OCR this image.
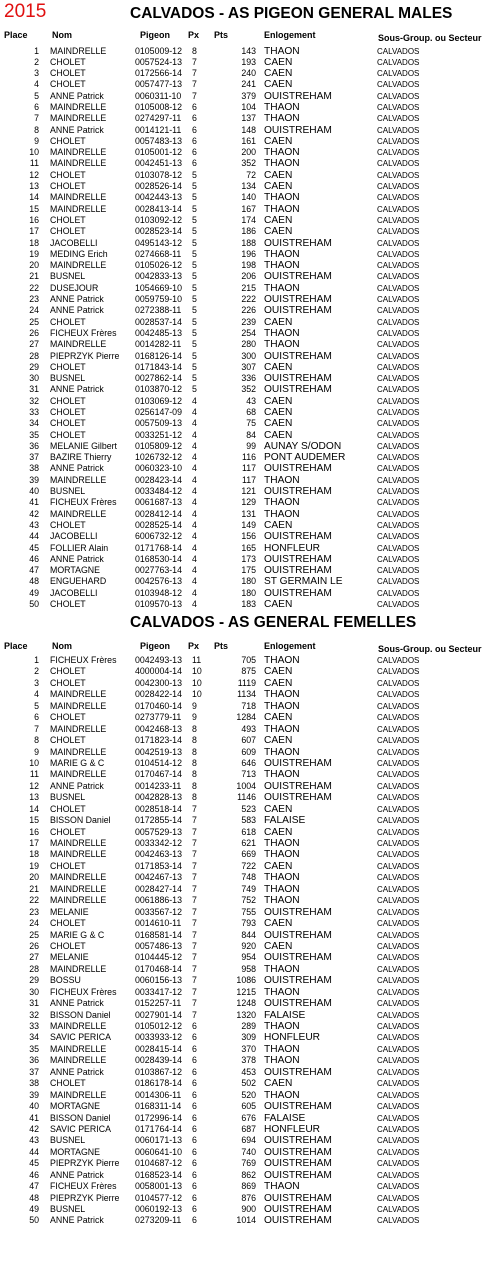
2015	CALVADOS - AS PIGEON GENERAL MALES
Place	Nom	Pigeon Px Pts	Enlogement	Sous-Group. ou Secteur
1 MAINDRELLE	0105009-12 8	143 THAON	CALVADOS
2 CHOLET	0057524-13 7	193 CAEN	CALVADOS
3 CHOLET	0172566-14 7	240 CAEN	CALVADOS
4 CHOLET	0057477-13 7	241 CAEN	CALVADOS
5 ANNE Patrick	0060311-10 7	379 OUISTREHAM	CALVADOS
6 MAINDRELLE	0105008-12 6	104 THAON	CALVADOS
7 MAINDRELLE	0274297-11 6	137 THAON	CALVADOS
8 ANNE Patrick	0014121-11 6	148 OUISTREHAM	CALVADOS
9 CHOLET	0057483-13 6	161 CAEN	CALVADOS
10 MAINDRELLE	0105001-12 6	200 THAON	CALVADOS
11 MAINDRELLE	0042451-13 6	352 THAON	CALVADOS
12 CHOLET	0103078-12 5	72 CAEN	CALVADOS
13 CHOLET	0028526-14 5	134 CAEN	CALVADOS
14 MAINDRELLE	0042443-13 5	140 THAON	CALVADOS
15 MAINDRELLE	0028413-14 5	167 THAON	CALVADOS
16 CHOLET	0103092-12 5	174 CAEN	CALVADOS
17 CHOLET	0028523-14 5	186 CAEN	CALVADOS
18 JACOBELLI	0495143-12 5	188 OUISTREHAM	CALVADOS
19 MEDING Erich	0274668-11 5	196 THAON	CALVADOS
20 MAINDRELLE	0105026-12 5	198 THAON	CALVADOS
21 BUSNEL	0042833-13 5	206 OUISTREHAM	CALVADOS
22 DUSEJOUR	1054669-10 5	215 THAON	CALVADOS
23 ANNE Patrick	0059759-10 5	222 OUISTREHAM	CALVADOS
24 ANNE Patrick	0272388-11 5	226 OUISTREHAM	CALVADOS
25 CHOLET	0028537-14 5	239 CAEN	CALVADOS
26 FICHEUX Frères 0042485-13 5	254 THAON	CALVADOS
27 MAINDRELLE	0014282-11 5	280 THAON	CALVADOS
28 PIEPRZYK Pierre 0168126-14 5	300 OUISTREHAM	CALVADOS
29 CHOLET	0171843-14 5	307 CAEN	CALVADOS
30 BUSNEL	0027862-14 5	336 OUISTREHAM	CALVADOS
31 ANNE Patrick	0103870-12 5	352 OUISTREHAM	CALVADOS
32 CHOLET	0103069-12 4	43 CAEN	CALVADOS
33 CHOLET	0256147-09 4	68 CAEN	CALVADOS
34 CHOLET	0057509-13 4	75 CAEN	CALVADOS
35 CHOLET	0033251-12 4	84 CAEN	CALVADOS
36 MELANIE Gilbert 0105809-12 4	99 AUNAY S/ODON	CALVADOS
37 BAZIRE Thierry	1026732-12 4	116 PONT AUDEMER	CALVADOS
38 ANNE Patrick	0060323-10 4	117 OUISTREHAM	CALVADOS
39 MAINDRELLE	0028423-14 4	117 THAON	CALVADOS
40 BUSNEL	0033484-12 4	121 OUISTREHAM	CALVADOS
41 FICHEUX Frères 0061687-13 4	129 THAON	CALVADOS
42 MAINDRELLE	0028412-14 4	131 THAON	CALVADOS
43 CHOLET	0028525-14 4	149 CAEN	CALVADOS
44 JACOBELLI	6006732-12 4	156 OUISTREHAM	CALVADOS
45 FOLLIER Alain	0171768-14 4	165 HONFLEUR	CALVADOS
46 ANNE Patrick	0168530-14 4	173 OUISTREHAM	CALVADOS
47 MORTAGNE	0027763-14 4	175 OUISTREHAM	CALVADOS
48 ENGUEHARD	0042576-13 4	180 ST GERMAIN LE	CALVADOS
49 JACOBELLI	0103948-12 4	180 OUISTREHAM	CALVADOS
50 CHOLET	0109570-13 4	183 CAEN	CALVADOS
CALVADOS - AS GENERAL FEMELLES
Place	Nom	Pigeon Px Pts	Enlogement	Sous-Group. ou Secteur
1 FICHEUX Frères 0042493-13 11	705 THAON	CALVADOS
2 CHOLET	4000004-14 10	875 CAEN	CALVADOS
3 CHOLET	0042300-13 10	1119 CAEN	CALVADOS
4 MAINDRELLE	0028422-14 10	1134 THAON	CALVADOS
5 MAINDRELLE	0170460-14 9	718 THAON	CALVADOS
6 CHOLET	0273779-11 9	1284 CAEN	CALVADOS
7 MAINDRELLE	0042468-13 8	493 THAON	CALVADOS
8 CHOLET	0171823-14 8	607 CAEN	CALVADOS
9 MAINDRELLE	0042519-13 8	609 THAON	CALVADOS
10 MARIE G & C	0104514-12 8	646 OUISTREHAM	CALVADOS
11 MAINDRELLE	0170467-14 8	713 THAON	CALVADOS
12 ANNE Patrick	0014233-11 8	1004 OUISTREHAM	CALVADOS
13 BUSNEL	0042828-13 8	1146 OUISTREHAM	CALVADOS
14 CHOLET	0028518-14 7	523 CAEN	CALVADOS
15 BISSON Daniel	0172855-14 7	583 FALAISE	CALVADOS
16 CHOLET	0057529-13 7	618 CAEN	CALVADOS
17 MAINDRELLE	0033342-12 7	621 THAON	CALVADOS
18 MAINDRELLE	0042463-13 7	669 THAON	CALVADOS
19 CHOLET	0171853-14 7	722 CAEN	CALVADOS
20 MAINDRELLE	0042467-13 7	748 THAON	CALVADOS
21 MAINDRELLE	0028427-14 7	749 THAON	CALVADOS
22 MAINDRELLE	0061886-13 7	752 THAON	CALVADOS
23 MELANIE	0033567-12 7	755 OUISTREHAM	CALVADOS
24 CHOLET	0014610-11 7	793 CAEN	CALVADOS
25 MARIE G & C	0168581-14 7	844 OUISTREHAM	CALVADOS
26 CHOLET	0057486-13 7	920 CAEN	CALVADOS
27 MELANIE	0104445-12 7	954 OUISTREHAM	CALVADOS
28 MAINDRELLE	0170468-14 7	958 THAON	CALVADOS
29 BOSSU	0060156-13 7	1086 OUISTREHAM	CALVADOS
30 FICHEUX Frères 0033417-12 7	1215 THAON	CALVADOS
31 ANNE Patrick	0152257-11 7	1248 OUISTREHAM	CALVADOS
32 BISSON Daniel	0027901-14 7	1320 FALAISE	CALVADOS
33 MAINDRELLE	0105012-12 6	289 THAON	CALVADOS
34 SAVIC PERICA	0033933-12 6	309 HONFLEUR	CALVADOS
35 MAINDRELLE	0028415-14 6	370 THAON	CALVADOS
36 MAINDRELLE	0028439-14 6	378 THAON	CALVADOS
37 ANNE Patrick	0103867-12 6	453 OUISTREHAM	CALVADOS
38 CHOLET	0186178-14 6	502 CAEN	CALVADOS
39 MAINDRELLE	0014306-11 6	520 THAON	CALVADOS
40 MORTAGNE	0168311-14 6	605 OUISTREHAM	CALVADOS
41 BISSON Daniel	0172996-14 6	676 FALAISE	CALVADOS
42 SAVIC PERICA	0171764-14 6	687 HONFLEUR	CALVADOS
43 BUSNEL	0060171-13 6	694 OUISTREHAM	CALVADOS
44 MORTAGNE	0060641-10 6	740 OUISTREHAM	CALVADOS
45 PIEPRZYK Pierre 0104687-12 6	769 OUISTREHAM	CALVADOS
46 ANNE Patrick	0168523-14 6	862 OUISTREHAM	CALVADOS
47 FICHEUX Frères 0058001-13 6	869 THAON	CALVADOS
48 PIEPRZYK Pierre 0104577-12 6	876 OUISTREHAM	CALVADOS
49 BUSNEL	0060192-13 6	900 OUISTREHAM	CALVADOS
50 ANNE Patrick	0273209-11 6	1014 OUISTREHAM	CALVADOS
